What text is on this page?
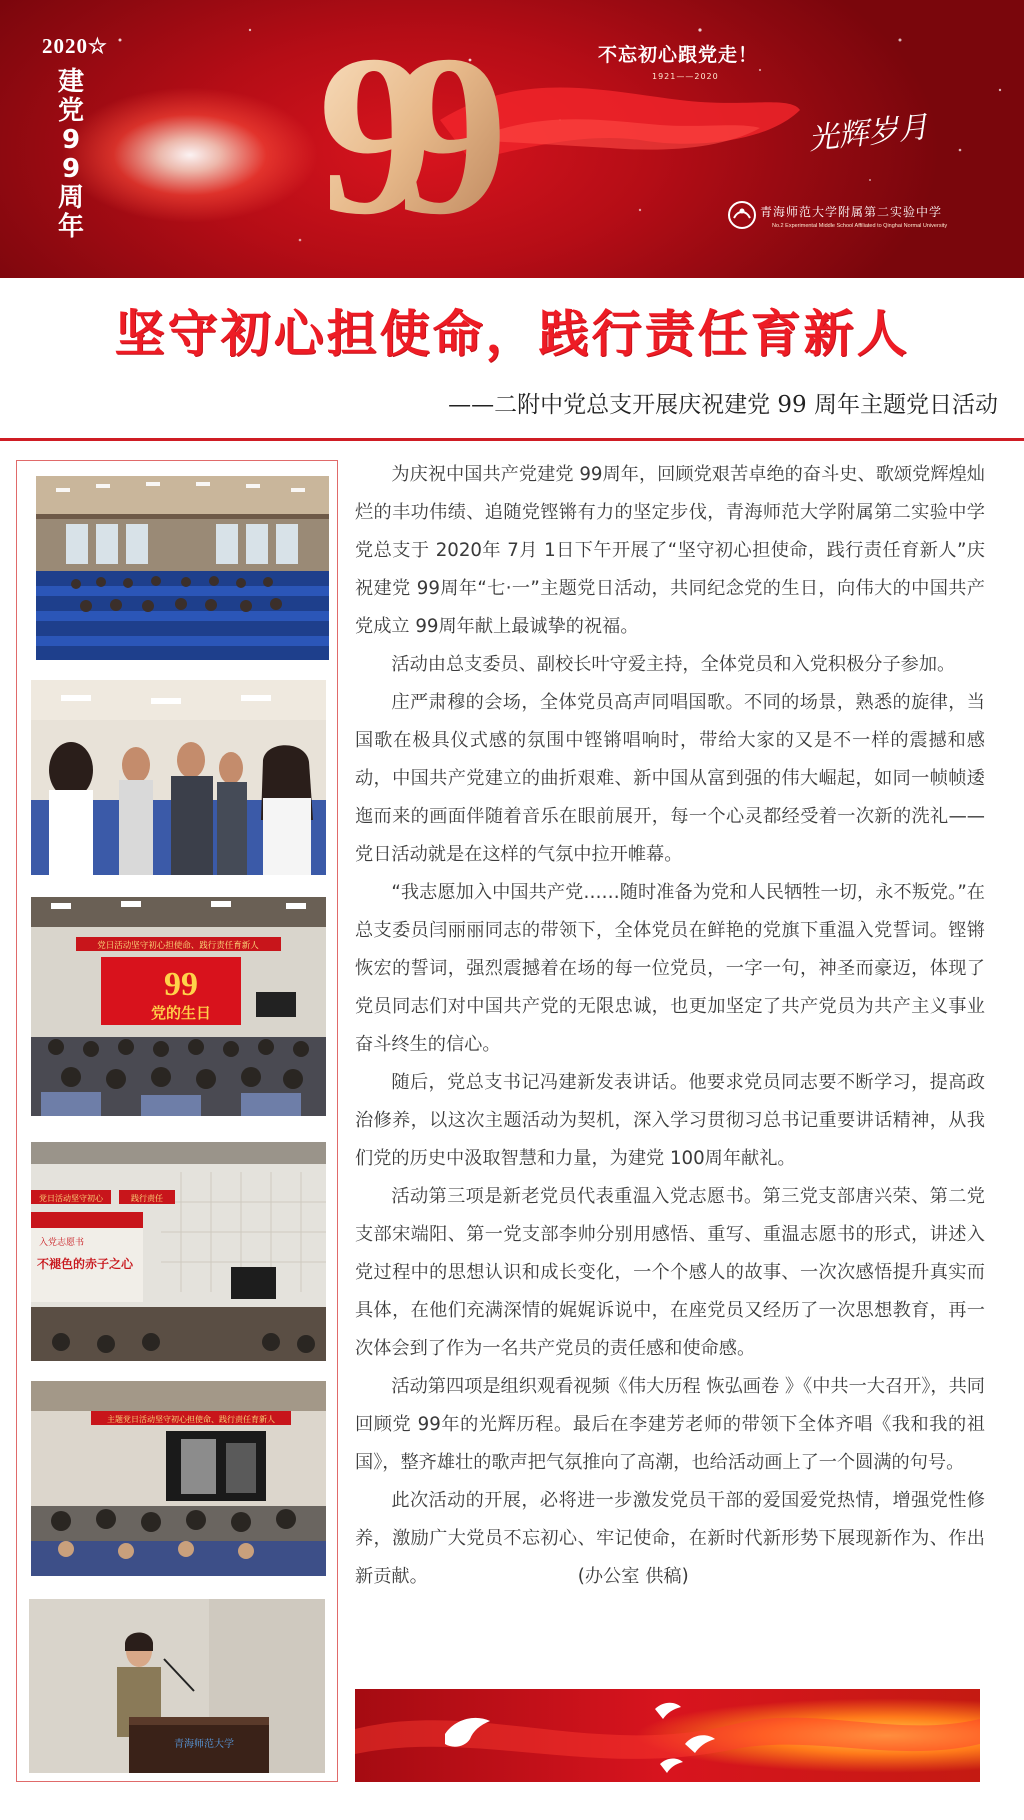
2020☆
建党99周年 99	不忘初心跟党走！
1921——2020
光辉岁月
青海师范大学附属第二实验中学
No.2 Experimental Middle School Affiliated to Qinghai Normal University
坚守初心担使命，践行责任育新人
——二附中党总支开展庆祝建党 99 周年主题党日活动
党日活动坚守初心担使命、践行责任育新人
99
党的生日
党日活动坚守初心	践行责任
入党志愿书
不褪色的赤子之心
主题党日活动坚守初心担使命、践行责任育新人
青海师范大学

为庆祝中国共产党建党 99周年，回顾党艰苦卓绝的奋斗史、歌颂党辉煌灿烂的丰功伟绩、追随党铿锵有力的坚定步伐，青海师范大学附属第二实验中学党总支于 2020年 7月 1日下午开展了“坚守初心担使命，践行责任育新人”庆祝建党 99周年“七·一”主题党日活动，共同纪念党的生日，向伟大的中国共产党成立 99周年献上最诚挚的祝福。

活动由总支委员、副校长叶守爱主持，全体党员和入党积极分子参加。

庄严肃穆的会场，全体党员高声同唱国歌。不同的场景，熟悉的旋律，当国歌在极具仪式感的氛围中铿锵唱响时，带给大家的又是不一样的震撼和感动，中国共产党建立的曲折艰难、新中国从富到强的伟大崛起，如同一帧帧逶迤而来的画面伴随着音乐在眼前展开，每一个心灵都经受着一次新的洗礼——党日活动就是在这样的气氛中拉开帷幕。

“我志愿加入中国共产党……随时准备为党和人民牺牲一切，永不叛党。”在总支委员闫丽丽同志的带领下，全体党员在鲜艳的党旗下重温入党誓词。铿锵恢宏的誓词，强烈震撼着在场的每一位党员，一字一句，神圣而豪迈，体现了党员同志们对中国共产党的无限忠诚，也更加坚定了共产党员为共产主义事业奋斗终生的信心。

随后，党总支书记冯建新发表讲话。他要求党员同志要不断学习，提高政治修养，以这次主题活动为契机，深入学习贯彻习总书记重要讲话精神，从我们党的历史中汲取智慧和力量，为建党 100周年献礼。

活动第三项是新老党员代表重温入党志愿书。第三党支部唐兴荣、第二党支部宋端阳、第一党支部李帅分别用感悟、重写、重温志愿书的形式，讲述入党过程中的思想认识和成长变化，一个个感人的故事、一次次感悟提升真实而具体，在他们充满深情的娓娓诉说中，在座党员又经历了一次思想教育，再一次体会到了作为一名共产党员的责任感和使命感。

活动第四项是组织观看视频《伟大历程 恢弘画卷 》《中共一大召开》，共同回顾党 99年的光辉历程。最后在李建芳老师的带领下全体齐唱《我和我的祖国》，整齐雄壮的歌声把气氛推向了高潮，也给活动画上了一个圆满的句号。

此次活动的开展，必将进一步激发党员干部的爱国爱党热情，增强党性修养，激励广大党员不忘初心、牢记使命，在新时代新形势下展现新作为、作出新贡献。	(办公室 供稿)
